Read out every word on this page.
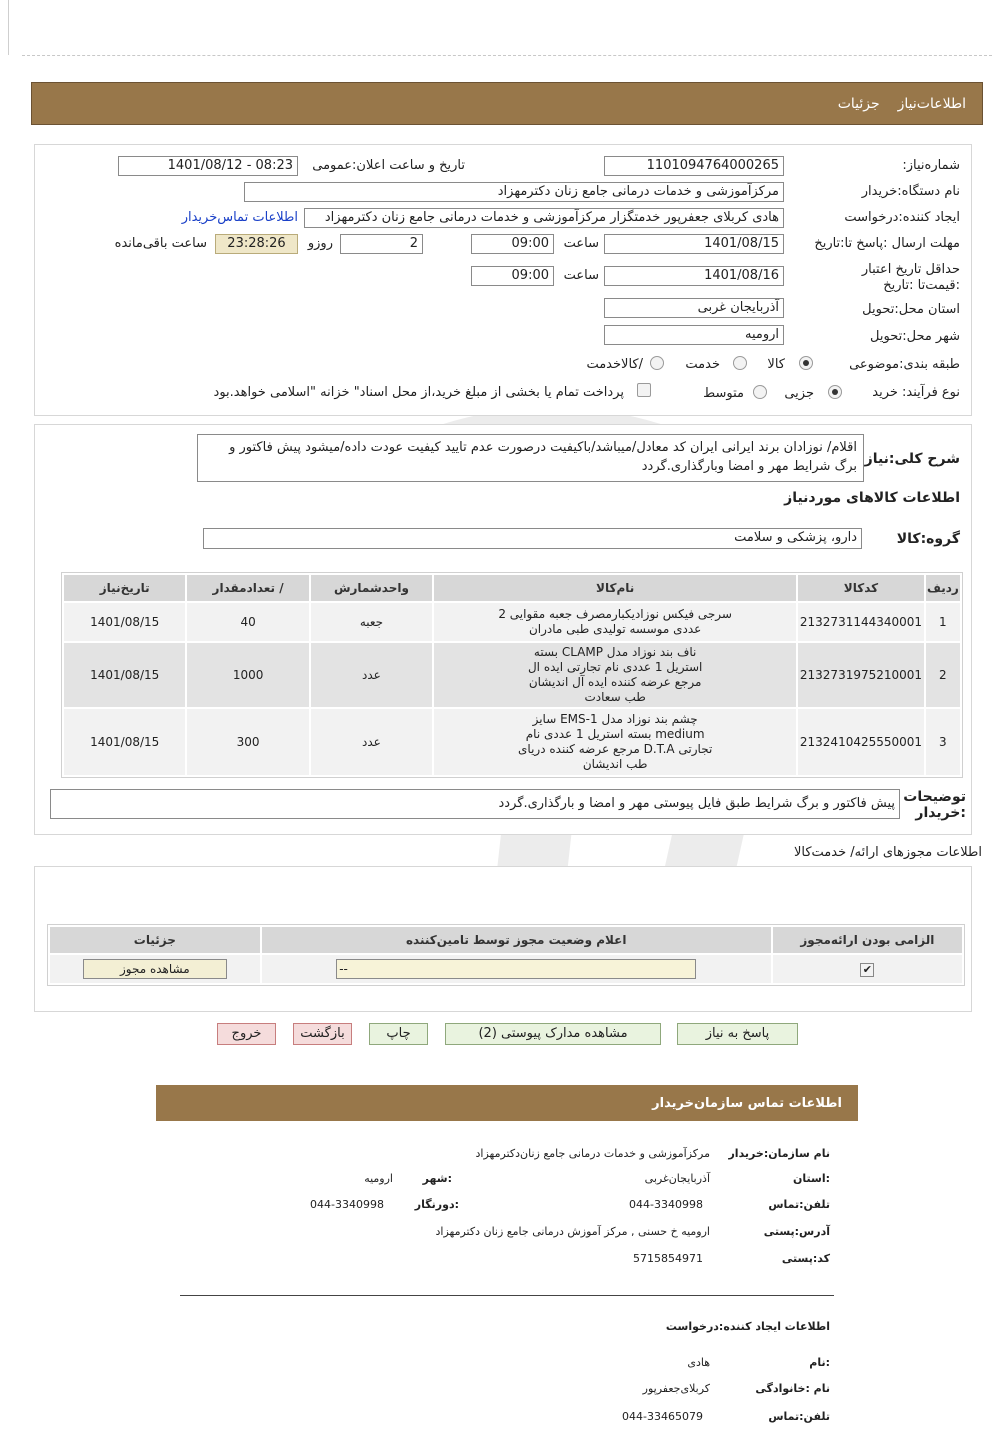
اطلاعات‌نیاز
جزئیات
شماره‌نیاز:
1101094764000265
تاریخ و ساعت اعلان:عمومی
1401/08/12 - 08:23
نام دستگاه:خریدار
مرکزآموزشی و خدمات درمانی جامع زنان دکترمهزاد
ایجاد کننده:درخواست
هادی کربلای جعفرپور خدمتگزار مرکزآموزشی و خدمات درمانی جامع زنان دکترمهزاد
اطلاعات تماس‌خریدار
مهلت ارسال :پاسخ تا:تاریخ
1401/08/15
ساعت
09:00
2
روزو
23:28:26
ساعت باقی‌مانده
حداقل تاریخ اعتبار :قیمت‌تا :تاریخ
1401/08/16
ساعت
09:00
استان محل:تحویل
آذربایجان غربی
شهر محل:تحویل
ارومیه
طبقه بندی:موضوعی
کالا
خدمت
/کالاخدمت
نوع فرآیند: خرید
جزیی
متوسط
پرداخت تمام یا بخشی از مبلغ خرید،از محل اسناد" خزانه "اسلامی خواهد.بود
شرح کلی:نیاز
اقلام/ نوزادان برند ایرانی ایران کد معادل/میباشد/باکیفیت درصورت عدم تایید کیفیت عودت داده/میشود پیش فاکتور و برگ شرایط مهر و امضا وبارگذاری.گردد
اطلاعات کالاهای موردنیاز
گروه:کالا
دارو، پزشکی و سلامت
ردیف	کدکالا	نام‌کالا	واحدشمارش	/ تعدادمقدار	تاریخ‌نیاز
1	2132731144340001	سرجی فیکس نوزادیکبارمصرف جعبه مقوایی 2 عددی موسسه تولیدی طبی مادران	جعبه	40	1401/08/15
2	2132731975210001	ناف بند نوزاد مدل CLAMP بسته استریل 1 عددی نام تجارتی ایده ال مرجع عرضه کننده ایده آل اندیشان طب سعادت	عدد	1000	1401/08/15
3	2132410425550001	چشم بند نوزاد مدل EMS-1 سایز medium بسته استریل 1 عددی نام تجارتی D.T.A مرجع عرضه کننده دریای طب اندیشان	عدد	300	1401/08/15
توضیحات :خریدار
پیش فاکتور و برگ شرایط طبق فایل پیوستی مهر و امضا و بارگذاری.گردد
اطلاعات مجوزهای ارائه/ خدمت‌کالا
الزامی بودن ارائه‌مجوز	اعلام وضعیت مجوز توسط تامین‌کننده	جزئیات
✔	--	مشاهده مجوز
پاسخ به نیاز
مشاهده مدارک پیوستی (2)
چاپ
بازگشت
خروج
اطلاعات تماس سازمان‌خریدار
نام سازمان:خریدار
مرکزآموزشی و خدمات درمانی جامع زنان‌دکترمهزاد
:استان
آذربایجان‌غربی
:شهر
ارومیه
تلفن:تماس
044-3340998
:دورنگار
044-3340998
آدرس:پستی
ارومیه خ حسنی , مرکز آموزش درمانی جامع زنان دکترمهزاد
کد:پستی
5715854971
اطلاعات ایجاد کننده:درخواست
:نام
هادی
نام :خانوادگی
کربلای‌جعفرپور
تلفن:تماس
044-33465079
